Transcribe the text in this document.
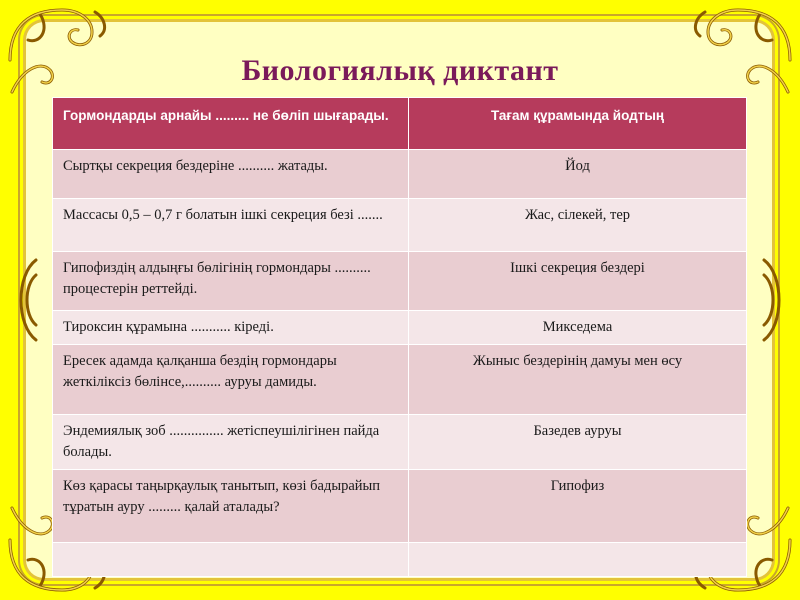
Биологиялық диктант
Гормондарды арнайы ......... не бөліп шығарады.	Тағам құрамында йодтың
Сыртқы секреция бездеріне .......... жатады.	Йод
Массасы 0,5 – 0,7 г болатын ішкі секреция безі .......	Жас, сілекей, тер
Гипофиздің алдыңғы бөлігінің гормондары .......... процестерін реттейді.	Ішкі секреция бездері
Тироксин құрамына ........... кіреді.	Микседема
Ересек адамда қалқанша бездің гормондары жеткіліксіз бөлінсе,.......... ауруы дамиды.	Жыныс бездерінің дамуы мен өсу
Эндемиялық зоб ............... жетіспеушілігінен пайда болады.	Базедев ауруы
Көз қарасы таңырқаулық танытып, көзі бадырайып тұратын ауру ......... қалай аталады?	Гипофиз
